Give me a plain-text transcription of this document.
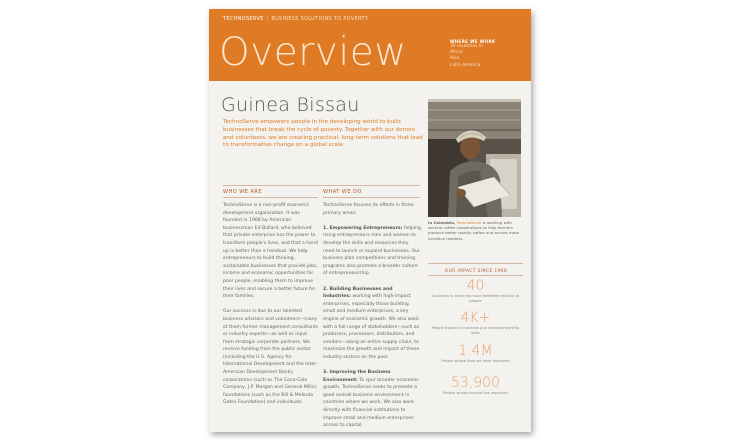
TECHNOSERVE | BUSINESS SOLUTIONS TO POVERTY
Overview	WHERE WE WORK
30 countries in
Africa
Asia
Latin America
Guinea Bissau
TechnoServe empowers people in the developing world to build businesses that break the cycle of poverty. Together with our donors and volunteers, we are creating practical, long-term solutions that lead to transformative change on a global scale.
WHO WE ARE

TechnoServe is a non-profit economic development organization. It was founded in 1968 by American businessman Ed Bullard, who believed that private enterprise has the power to transform people's lives, and that a hand up is better than a handout. We help entrepreneurs to build thriving, sustainable businesses that provide jobs, income and economic opportunities for poor people, enabling them to improve their lives and secure a better future for their families.

Our success is due to our talented business advisors and volunteers—many of them former management consultants or industry experts—as well as input from strategic corporate partners. We receive funding from the public sector (including the U.S. Agency for International Development and the Inter-American Development Bank), corporations (such as The Coca-Cola Company, J.P. Morgan and General Mills), foundations (such as the Bill & Melinda Gates Foundation) and individuals.

WHAT WE DO

TechnoServe focuses its efforts in three primary areas:

1. Empowering Entrepreneurs: helping rising entrepreneurs men and women to develop the skills and resources they need to launch or expand businesses. Our business plan competitions and training programs also promote a broader culture of entrepreneurship.

2. Building Businesses and Industries: working with high-impact enterprises, especially those building small and medium enterprises, a key engine of economic growth. We also work with a full range of stakeholders—such as producers, processors, distributors, and vendors—along an entire supply chain, to maximize the growth and impact of these industry sectors on the poor.

3. Improving the Business Environment: To spur broader economic growth, TechnoServe seeks to promote a good overall business environment in countries where we work. We also work directly with financial institutions to improve small and medium enterprises' access to capital.

In Colombia, TechnoServe is working with several coffee cooperatives to help farmers produce better quality coffee and access more lucrative markets.
OUR IMPACT SINCE 1968
40
Countries in which we have benefited millions of people
4K+
People trained in business and entrepreneurship skills
1.4M
People whose lives we have improved
53,900
People whose income has improved
